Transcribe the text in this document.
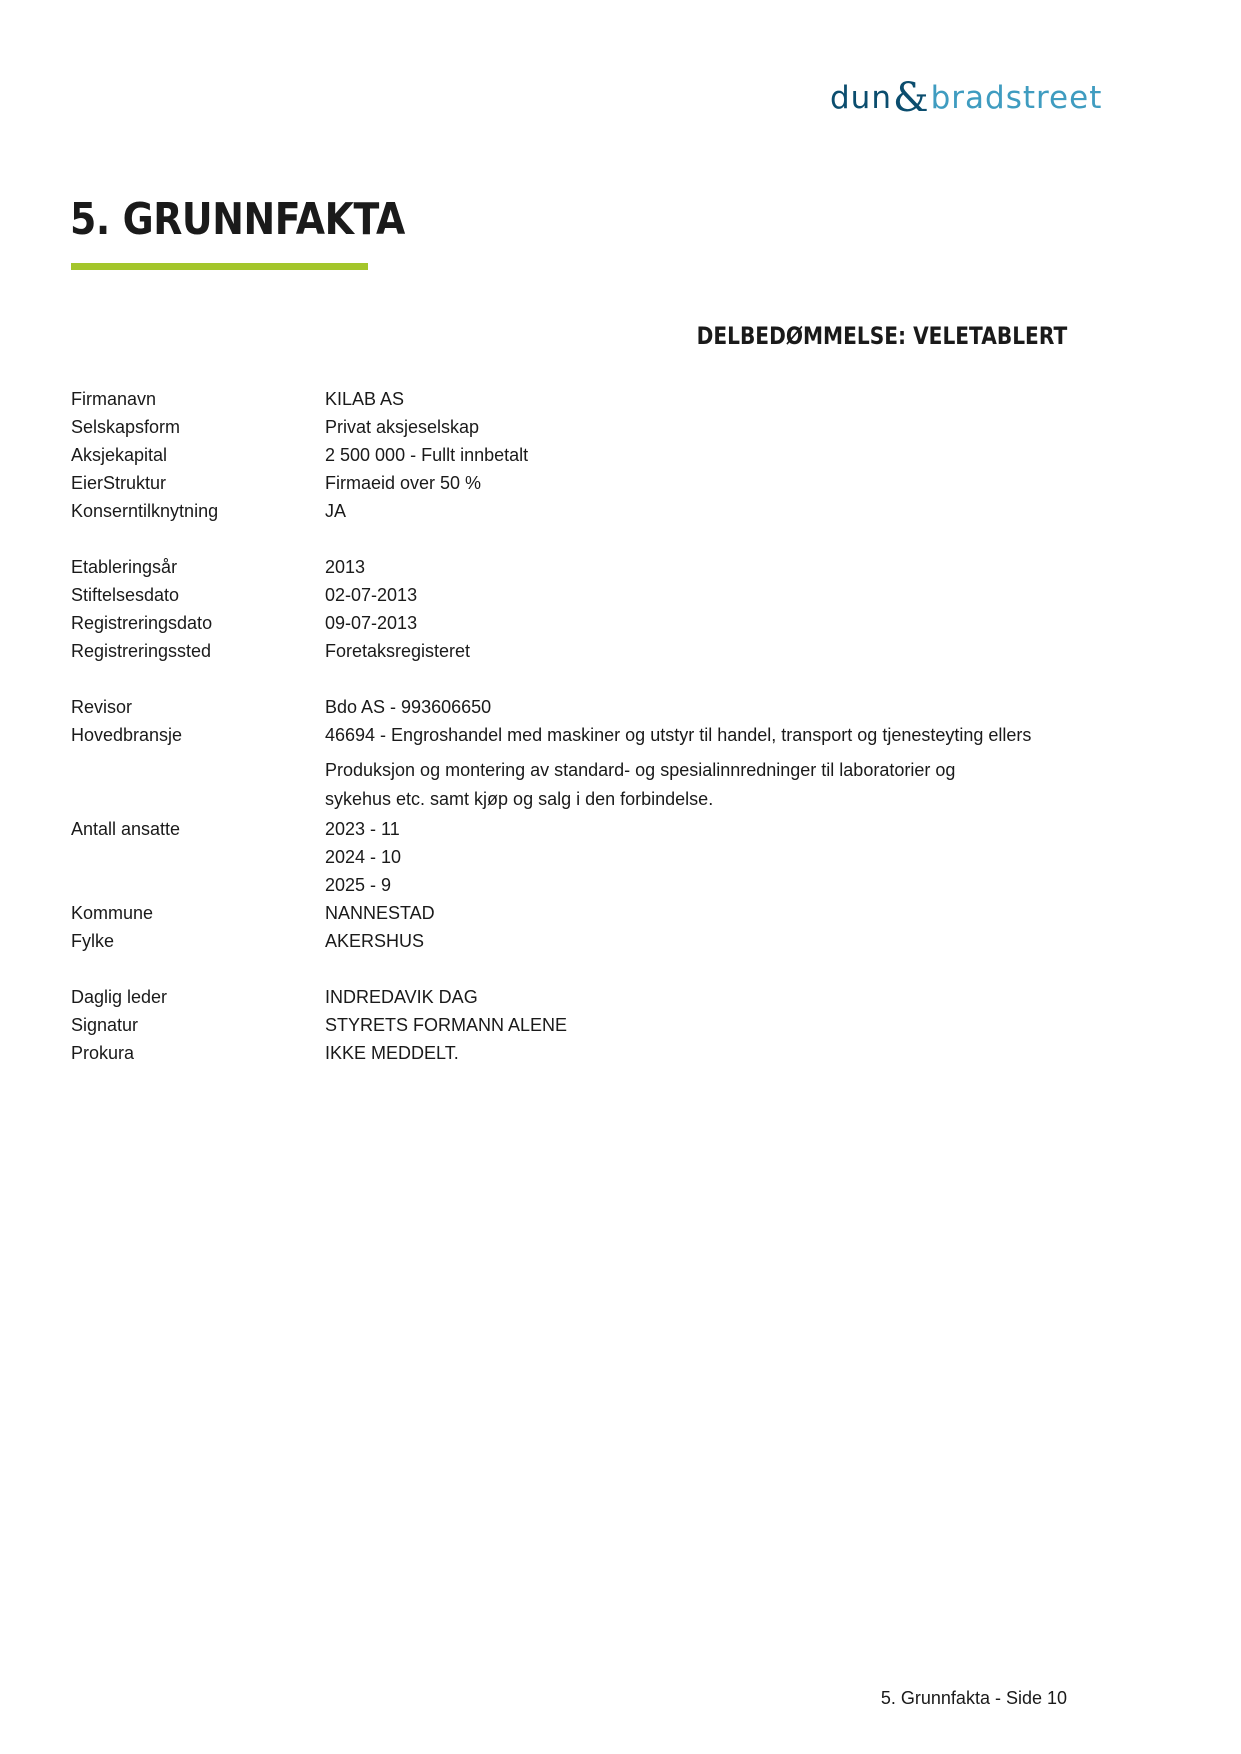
dun&bradstreet
5. GRUNNFAKTA
DELBEDØMMELSE: VELETABLERT
Firmanavn	KILAB AS
Selskapsform	Privat aksjeselskap
Aksjekapital	2 500 000 - Fullt innbetalt
EierStruktur	Firmaeid over 50 %
Konserntilknytning	JA
Etableringsår	2013
Stiftelsesdato	02-07-2013
Registreringsdato	09-07-2013
Registreringssted	Foretaksregisteret
Revisor	Bdo AS - 993606650
Hovedbransje	46694 - Engroshandel med maskiner og utstyr til handel, transport og tjenesteyting ellers
Produksjon og montering av standard- og spesialinnredninger til laboratorier og
sykehus etc. samt kjøp og salg i den forbindelse.
Antall ansatte	2023 - 11
2024 - 10
2025 - 9
Kommune	NANNESTAD
Fylke	AKERSHUS
Daglig leder	INDREDAVIK DAG
Signatur	STYRETS FORMANN ALENE
Prokura	IKKE MEDDELT.
5. Grunnfakta - Side 10
